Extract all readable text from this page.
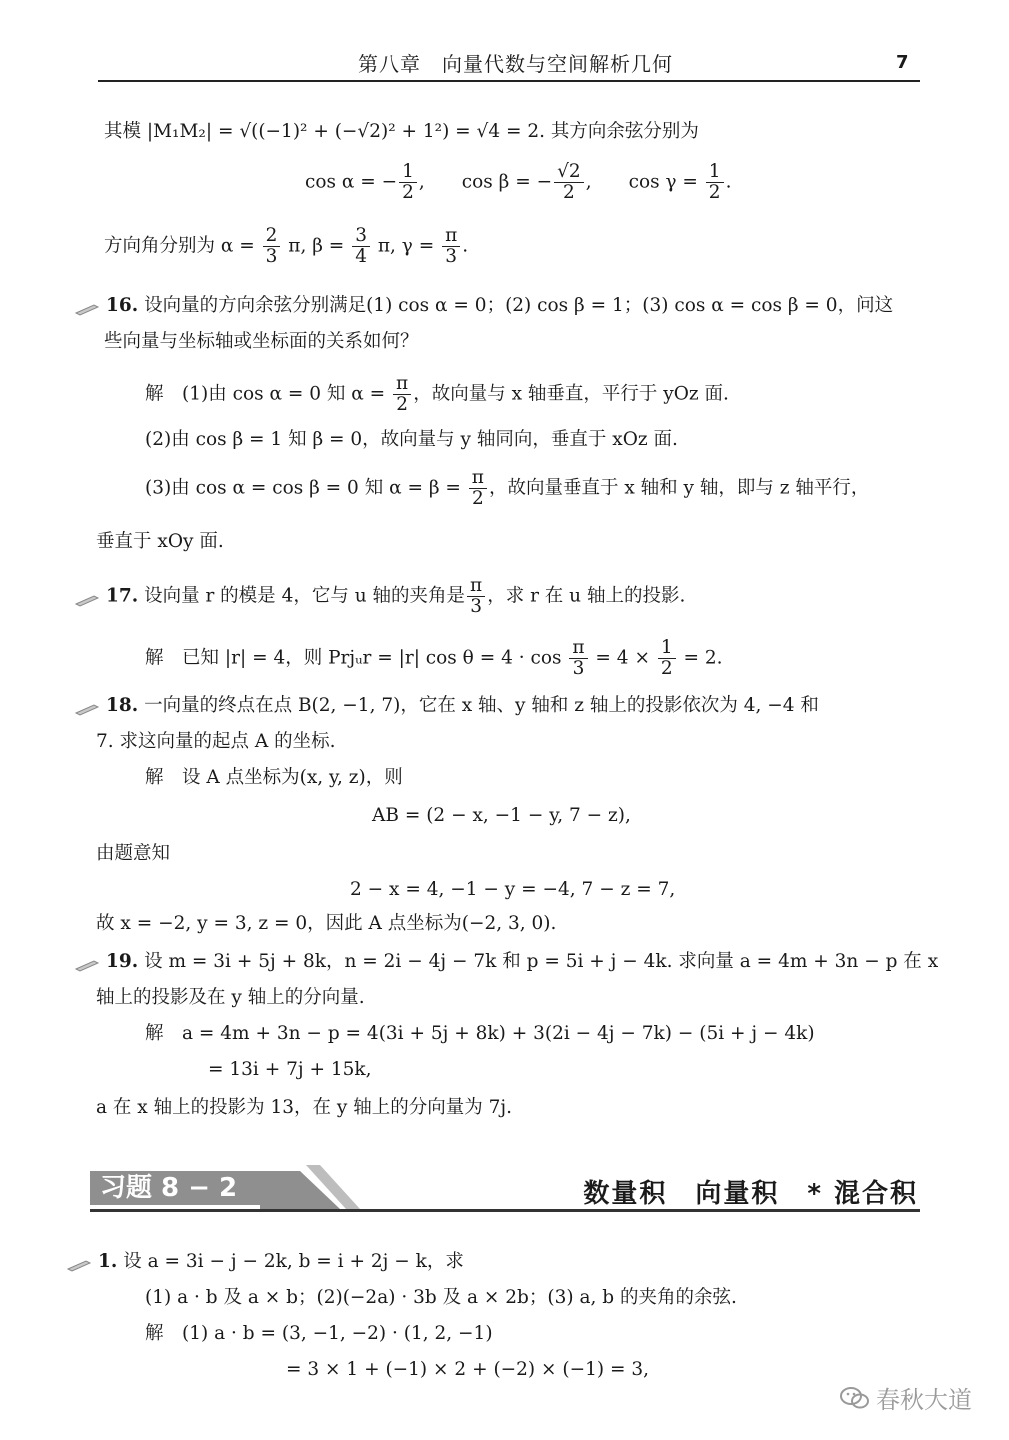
第八章　向量代数与空间解析几何	7
其模 |M₁M₂| = √((−1)² + (−√2)² + 1²) = √4 = 2. 其方向余弦分别为
cos α = − $\frac{1}{2}$ ,　　cos β = − $\frac{√2}{2}$ ,　　$\cos \gamma = \frac{1}{2}$ .
方向角分别为 $\alpha = \frac{2}{3} \pi$, $\beta = \frac{3}{4} \pi$, $\gamma = \frac{\pi}{3}$ .
16. 设向量的方向余弦分别满足(1) cos α = 0；(2) cos β = 1；(3) cos α = cos β = 0，问这
些向量与坐标轴或坐标面的关系如何？
解　(1)由 cos α = 0 知 $\alpha = \frac{\pi}{2}$ ，故向量与 x 轴垂直，平行于 yOz 面.
(2)由 cos β = 1 知 β = 0，故向量与 y 轴同向，垂直于 xOz 面.
(3)由 cos α = cos β = 0 知 $\alpha = \beta = \frac{\pi}{2}$ ，故向量垂直于 x 轴和 y 轴，即与 z 轴平行，
垂直于 xOy 面.
17. 设向量 r 的模是 4，它与 u 轴的夹角是 $\frac{\pi}{3}$ ，求 r 在 u 轴上的投影.
解　已知 |r| = 4，则 Prjᵤr = |r| $\cos \theta = 4 \cdot \cos \frac{\pi}{3} = 4 \times \frac{1}{2} = 2$.
18. 一向量的终点在点 B(2, −1, 7)，它在 x 轴、y 轴和 z 轴上的投影依次为 4, −4 和
7. 求这向量的起点 A 的坐标.
解　设 A 点坐标为(x, y, z)，则
AB = (2 − x, −1 − y, 7 − z),
由题意知
2 − x = 4, −1 − y = −4, 7 − z = 7,
故 x = −2, y = 3, z = 0，因此 A 点坐标为(−2, 3, 0).
19. 设 m = 3i + 5j + 8k，n = 2i − 4j − 7k 和 p = 5i + j − 4k. 求向量 a = 4m + 3n − p 在 x
轴上的投影及在 y 轴上的分向量.
解　a = 4m + 3n − p = 4(3i + 5j + 8k) + 3(2i − 4j − 7k) − (5i + j − 4k)
= 13i + 7j + 15k,
a 在 x 轴上的投影为 13，在 y 轴上的分向量为 7j.
习题 8 − 2	数量积　向量积　* 混合积
1. 设 a = 3i − j − 2k, b = i + 2j − k，求
(1) a · b 及 a × b；(2)(−2a) · 3b 及 a × 2b；(3) a, b 的夹角的余弦.
解　(1) a · b = (3, −1, −2) · (1, 2, −1)
= 3 × 1 + (−1) × 2 + (−2) × (−1) = 3,
春秋大道
